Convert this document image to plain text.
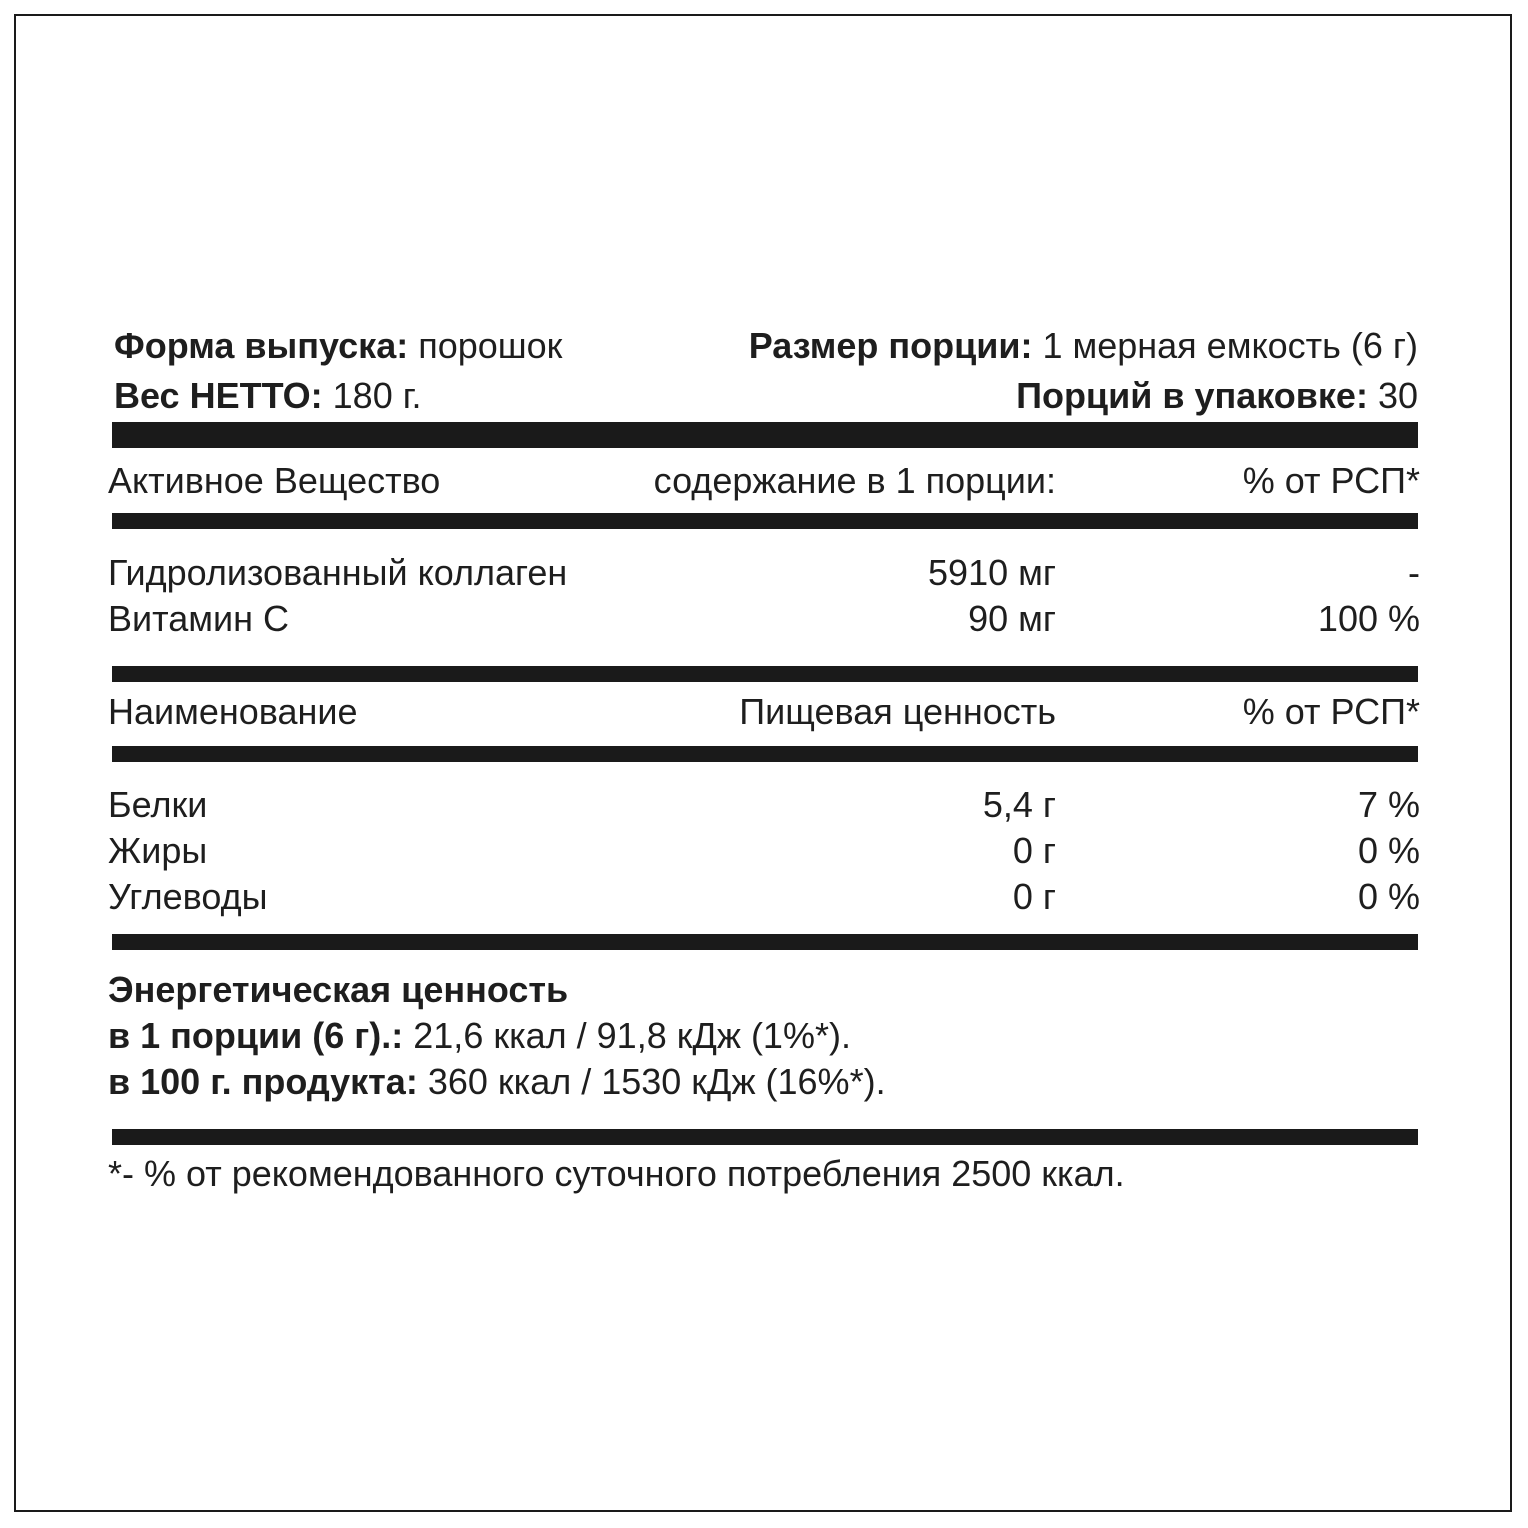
Форма выпуска: порошок	Размер порции: 1 мерная емкость (6 г)
Вес НЕТТО: 180 г.	Порций в упаковке: 30
Активное Вещество	содержание в 1 порции:	% от РСП*
Гидролизованный коллаген	5910 мг	-
Витамин С	90 мг	100 %
Наименование	Пищевая ценность	% от РСП*
Белки	5,4 г	7 %
Жиры	0 г	0 %
Углеводы	0 г	0 %
Энергетическая ценность
в 1 порции (6 г).: 21,6 ккал / 91,8 кДж (1%*).
в 100 г. продукта: 360 ккал / 1530 кДж (16%*).
*- % от рекомендованного суточного потребления 2500 ккал.
